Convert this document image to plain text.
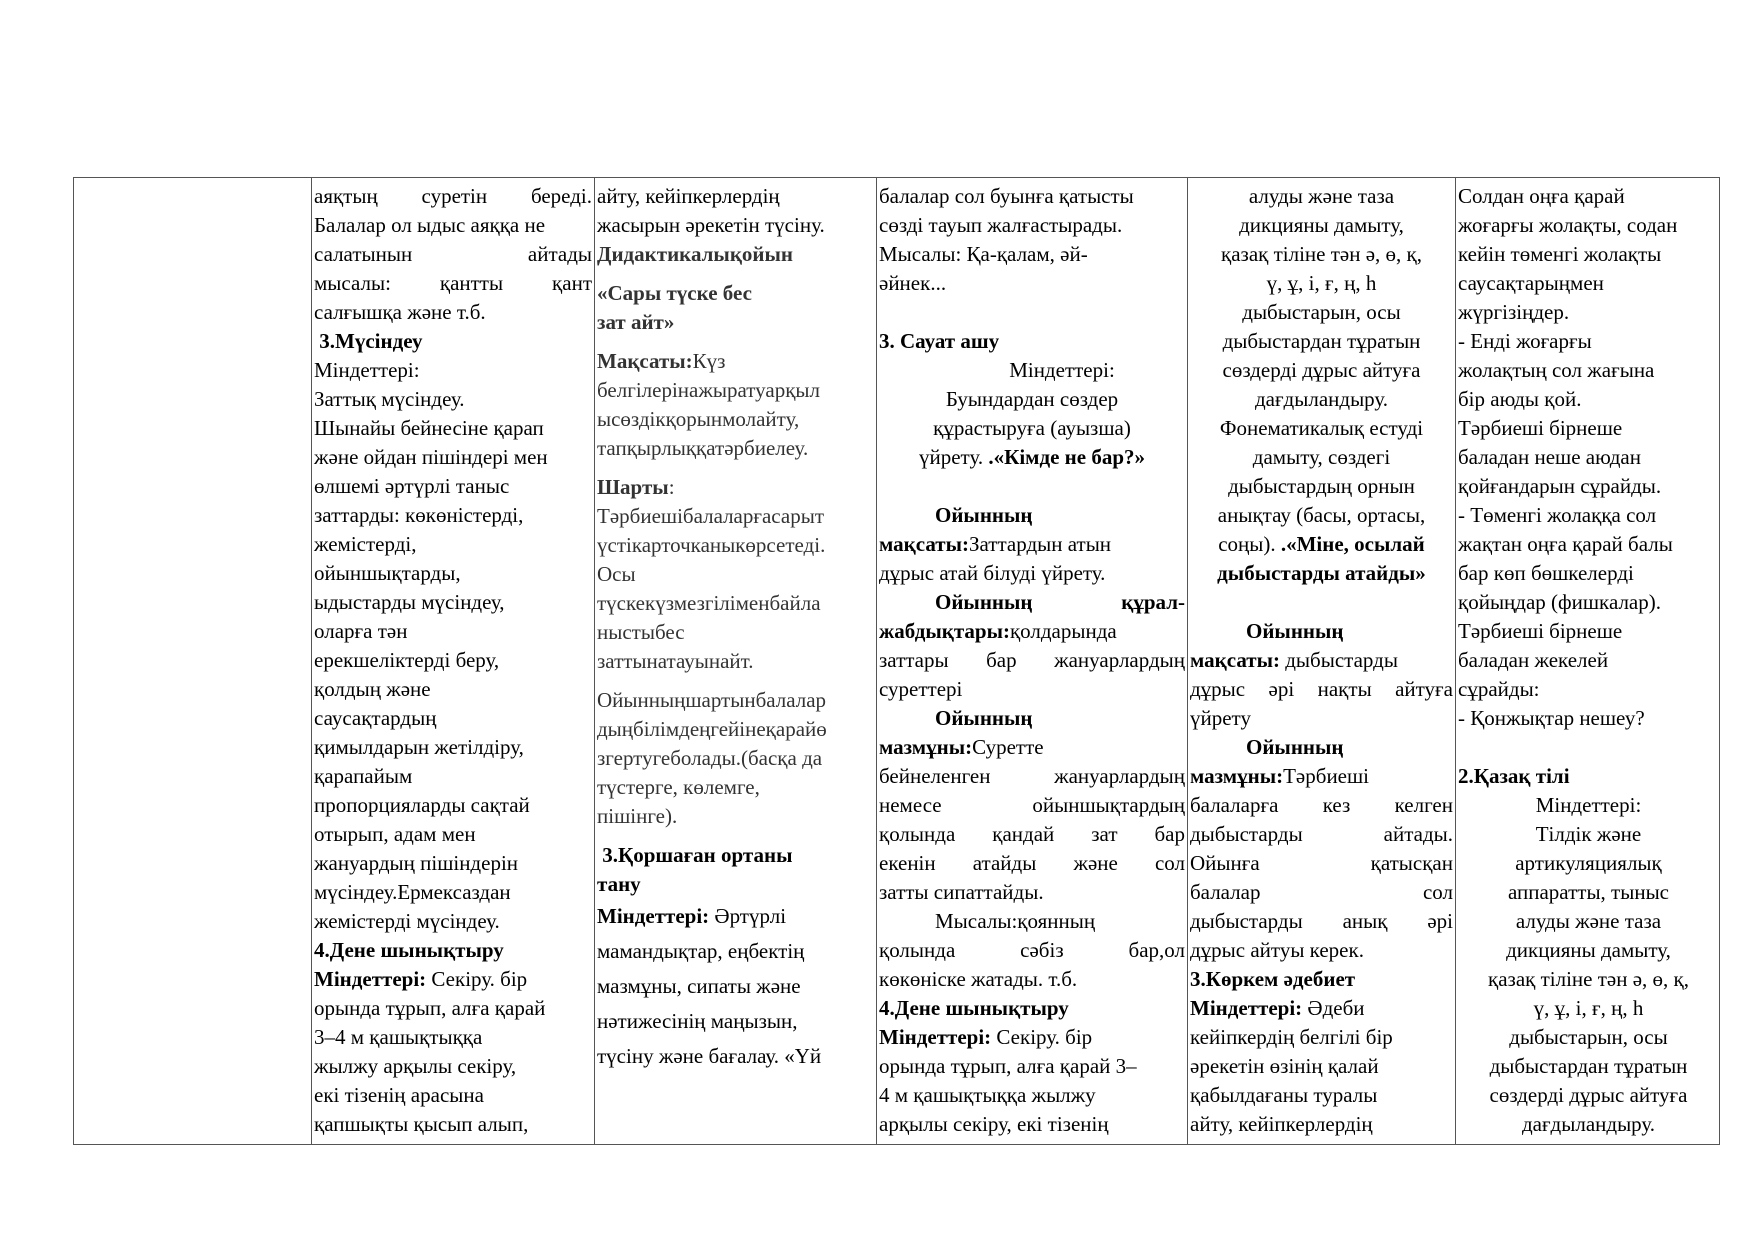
аяқтың суретін береді.

Балалар ол ыдыс аяққа не

салатынын айтады

мысалы: қантты қант

салғышқа және т.б.

3.Мүсіндеу

Міндеттері:

Заттық мүсіндеу.

Шынайы бейнесіне қарап

және ойдан пішіндері мен

өлшемі әртүрлі таныс

заттарды: көкөністерді,

жемістерді,

ойыншықтарды,

ыдыстарды мүсіндеу,

оларға тән

ерекшеліктерді беру,

қолдың және

саусақтардың

қимылдарын жетілдіру,

қарапайым

пропорцияларды сақтай

отырып, адам мен

жануардың пішіндерін

мүсіндеу.Ермексаздан

жемістерді мүсіндеу.

4.Дене шынықтыру

Міндеттері: Секіру. бір

орында тұрып, алға қарай

3–4 м қашықтыққа

жылжу арқылы секіру,

екі тізенің арасына

қапшықты қысып алып,

айту, кейіпкерлердің

жасырын әрекетін түсіну.

Дидактикалықойын

«Сары түске бес

зат айт»

Мақсаты:Күз

белгілерінажыратуарқыл

ысөздікқорынмолайту,

тапқырлыққатәрбиелеу.

Шарты:

Тәрбиешібалаларғасарыт

үстікарточканыкөрсетеді.

Осы

түскекүзмезгіліменбайла

ныстыбес

заттынатауынайт.

Ойынныңшартынбалалар

дыңбілімдеңгейінеқарайө

згертугеболады.(басқа да

түстерге, көлемге,

пішінге).

3.Қоршаған ортаны

тану

Міндеттері: Әртүрлі

мамандықтар, еңбектің

мазмұны, сипаты және

нәтижесінің маңызын,

түсіну және бағалау. «Үй

балалар сол буынға қатысты

сөзді тауып жалғастырады.

Мысалы: Қа-қалам, әй-

әйнек...

3. Сауат ашу

Міндеттері:

Буындардан сөздер

құрастыруға (ауызша)

үйрету. .«Кімде не бар?»

Ойынның

мақсаты:Заттардын атын

дұрыс атай білуді үйрету.

Ойынның құрал-

жабдықтары:қолдарында

заттары бар жануарлардың

суреттері

Ойынның

мазмұны:Суретте

бейнеленген жануарлардың

немесе ойыншықтардың

қолында қандай зат бар

екенін атайды және сол

затты сипаттайды.

Мысалы:қоянның

қолында сәбіз бар,ол

көкөніске жатады. т.б.

4.Дене шынықтыру

Міндеттері: Секіру. бір

орында тұрып, алға қарай 3–

4 м қашықтыққа жылжу

арқылы секіру, екі тізенің

алуды және таза

дикцияны дамыту,

қазақ тіліне тән ә, ө, қ,

ү, ұ, і, ғ, ң, һ

дыбыстарын, осы

дыбыстардан тұратын

сөздерді дұрыс айтуға

дағдыландыру.

Фонематикалық естуді

дамыту, сөздегі

дыбыстардың орнын

анықтау (басы, ортасы,

соңы). .«Міне, осылай

дыбыстарды атайды»

Ойынның

мақсаты: дыбыстарды

дұрыс әрі нақты айтуға

үйрету

Ойынның

мазмұны:Тәрбиеші

балаларға кез келген

дыбыстарды айтады.

Ойынға қатысқан

балалар сол

дыбыстарды анық әрі

дұрыс айтуы керек.

3.Көркем әдебиет

Міндеттері: Әдеби

кейіпкердің белгілі бір

әрекетін өзінің қалай

қабылдағаны туралы

айту, кейіпкерлердің

Солдан оңға қарай

жоғарғы жолақты, содан

кейін төменгі жолақты

саусақтарыңмен

жүргізіңдер.

- Енді жоғарғы

жолақтың сол жағына

бір аюды қой.

Тәрбиеші бірнеше

баладан неше аюдан

қойғандарын сұрайды.

- Төменгі жолаққа сол

жақтан оңға қарай балы

бар көп бөшкелерді

қойыңдар (фишкалар).

Тәрбиеші бірнеше

баладан жекелей

сұрайды:

- Қонжықтар нешеу?

2.Қазақ тілі

Міндеттері:

Тілдік және

артикуляциялық

аппаратты, тыныс

алуды және таза

дикцияны дамыту,

қазақ тіліне тән ә, ө, қ,

ү, ұ, і, ғ, ң, һ

дыбыстарын, осы

дыбыстардан тұратын

сөздерді дұрыс айтуға

дағдыландыру.
